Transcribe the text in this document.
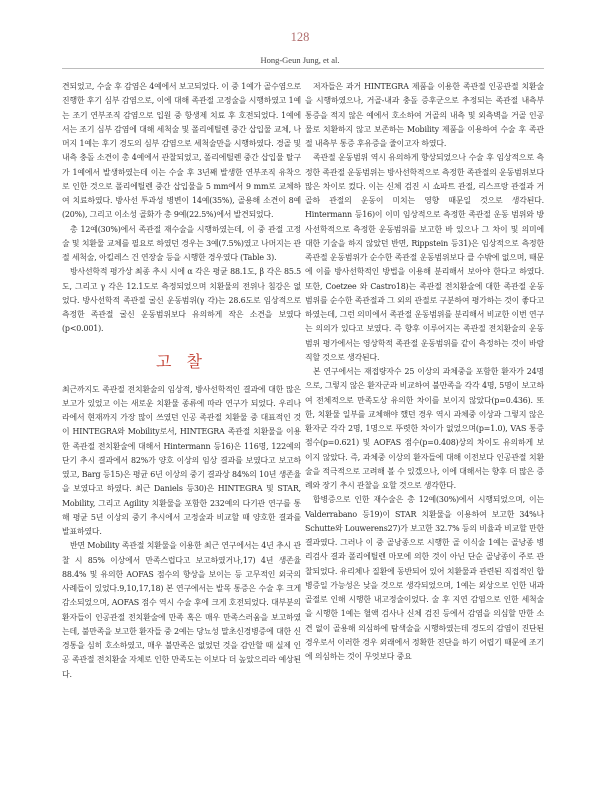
128
Hong-Geun Jung, et al.

견되었고, 수술 후 감염은 4예에서 보고되었다. 이 중 1예가 골수염으로 진행한 후기 심부 감염으로, 이에 대해 족관절 고정술을 시행하였고 1예는 조기 연부조직 감염으로 입원 중 항생제 치료 후 호전되었다. 1예에서는 조기 심부 감염에 대해 세척술 및 폴리에틸렌 중간 삽입물 교체, 나머지 1예는 후기 경도의 심부 감염으로 세척술만을 시행하였다. 경골 및 내측 충돌 소견이 총 4예에서 관찰되었고, 폴리에틸렌 중간 삽입물 탈구가 1예에서 발생하였는데 이는 수술 후 3년째 발생한 연부조직 유착으로 인한 것으로 폴리에틸렌 중간 삽입물을 5 mm에서 9 mm로 교체하여 치료하였다. 방사선 투과성 병변이 14예(35%), 골용해 소견이 8예(20%), 그리고 이소성 골화가 총 9예(22.5%)에서 발견되었다.

총 12예(30%)에서 족관절 재수술을 시행하였는데, 이 중 관절 고정술 및 치환물 교체를 필요로 하였던 경우는 3예(7.5%)였고 나머지는 관절 세척술, 아킬레스 건 연장술 등을 시행한 경우였다 (Table 3).

방사선학적 평가상 최종 추시 시에 α 각은 평균 88.1도, β 각은 85.5도, 그리고 γ 각은 12.1도로 측정되었으며 치환물의 전위나 침강은 없었다. 방사선학적 족관절 굴신 운동범위(γ 각)는 28.6도로 임상적으로 측정한 족관절 굴신 운동범위보다 유의하게 작은 소견을 보였다(p<0.001).

고 찰

최근까지도 족관절 전치환술의 임상적, 방사선학적인 결과에 대한 많은 보고가 있었고 이는 새로운 치환물 종류에 따라 연구가 되었다. 우리나라에서 현재까지 가장 많이 쓰였던 인공 족관절 치환물 중 대표적인 것이 HINTEGRA와 Mobility로서, HINTEGRA 족관절 치환물을 이용한 족관절 전치환술에 대해서 Hintermann 등16)은 116명, 122예의 단기 추시 결과에서 82%가 양호 이상의 임상 결과를 보였다고 보고하였고, Barg 등15)은 평균 6년 이상의 중기 결과상 84%의 10년 생존율을 보였다고 하였다. 최근 Daniels 등30)은 HINTEGRA 및 STAR, Mobility, 그리고 Agility 치환물을 포함한 232예의 다기관 연구를 통해 평균 5년 이상의 중기 추시에서 고정술과 비교할 때 양호한 결과를 발표하였다.

반면 Mobility 족관절 치환물을 이용한 최근 연구에서는 4년 추시 관찰 시 85% 이상에서 만족스럽다고 보고하였거나,17) 4년 생존율 88.4% 및 유의한 AOFAS 점수의 향상을 보이는 등 고무적인 외국의 사례들이 있었다.9,10,17,18) 본 연구에서는 발목 통증은 수술 후 크게 감소되었으며, AOFAS 점수 역시 수술 후에 크게 호전되었다. 대부분의 환자들이 인공관절 전치환술에 만족 혹은 매우 만족스러움을 보고하였는데, 불만족을 보고한 환자들 중 2예는 당뇨성 말초신경병증에 대한 신경통을 심히 호소하였고, 매우 불만족은 없었던 것을 감안할 때 실제 인공 족관절 전치환술 자체로 인한 만족도는 이보다 더 높았으리라 예상된다.

저자들은 과거 HINTEGRA 제품을 이용한 족관절 인공관절 치환술을 시행하였으나, 거골-내과 충돌 증후군으로 추정되는 족관절 내측부 통증을 적지 않은 예에서 호소하여 거골의 내측 및 외측벽을 거골 인공물로 치환하지 않고 보존하는 Mobility 제품을 이용하여 수술 후 족관절 내측부 통증 후유증을 줄이고자 하였다.

족관절 운동범위 역시 유의하게 향상되었으나 수술 후 임상적으로 측정한 족관절 운동범위는 방사선학적으로 측정한 족관절의 운동범위보다 많은 차이로 컸다. 이는 신체 검진 시 쇼파트 관절, 리스프랑 관절과 거골하 관절의 운동이 미치는 영향 때문일 것으로 생각된다. Hintermann 등16)이 이미 임상적으로 측정한 족관절 운동 범위와 방사선학적으로 측정한 운동범위를 보고한 바 있으나 그 차이 및 의미에 대한 기술을 하지 않았던 반면, Rippstein 등31)은 임상적으로 측정한 족관절 운동범위가 순수한 족관절 운동범위보다 클 수밖에 없으며, 때문에 이를 방사선학적인 방법을 이용해 분리해서 보아야 한다고 하였다. 또한, Coetzee 와 Castro18)는 족관절 전치환술에 대한 족관절 운동 범위를 순수한 족관절과 그 외의 관절로 구분하여 평가하는 것이 좋다고 하였는데, 그런 의미에서 족관절 운동범위를 분리해서 비교한 이번 연구는 의의가 있다고 보였다. 즉 향후 이루어지는 족관절 전치환술의 운동범위 평가에서는 영상학적 족관절 운동범위를 같이 측정하는 것이 바람직할 것으로 생각된다.

본 연구에서는 재접량자수 25 이상의 과체중을 포함한 환자가 24명으로, 그렇지 않은 환자군과 비교하여 불만족을 각각 4명, 5명이 보고하여 전체적으로 만족도상 유의한 차이를 보이지 않았다(p=0.436). 또한, 치환물 일부를 교체해야 했던 경우 역시 과체중 이상과 그렇지 않은 환자군 각각 2명, 1명으로 뚜렷한 차이가 없었으며(p=1.0), VAS 통증 점수(p=0.621) 및 AOFAS 점수(p=0.408)상의 차이도 유의하게 보이지 않았다. 즉, 과체중 이상의 환자들에 대해 이전보다 인공관절 치환술을 적극적으로 고려해 볼 수 있겠으나, 이에 대해서는 향후 더 많은 증례와 장기 추시 관찰을 요할 것으로 생각한다.

합병증으로 인한 재수술은 총 12예(30%)에서 시행되었으며, 이는 Valderrabano 등19)이 STAR 치환물을 이용하여 보고한 34%나 Schutte와 Louwerens27)가 보고한 32.7% 등의 비율과 비교할 만한 결과였다. 그러나 이 중 골낭종으로 시행한 골 이식술 1예는 골낭종 병리검사 결과 폴리에틸렌 마모에 의한 것이 아닌 단순 골낭종이 주로 관찰되었다. 유리체나 질환에 동반되어 있어 치환물과 관련된 직접적인 합병증일 가능성은 낮을 것으로 생각되었으며, 1예는 외상으로 인한 내과 골절로 인해 시행한 내고정술이었다. 술 후 지연 감염으로 인한 세척술을 시행한 1예는 혈액 검사나 신체 검진 등에서 감염을 의심할 만한 소견 없이 골용해 의심하에 탐색술을 시행하였는데 경도의 감염이 진단된 경우로서 이러한 경우 외래에서 정확한 진단을 하기 어렵기 때문에 조기에 의심하는 것이 무엇보다 중요
